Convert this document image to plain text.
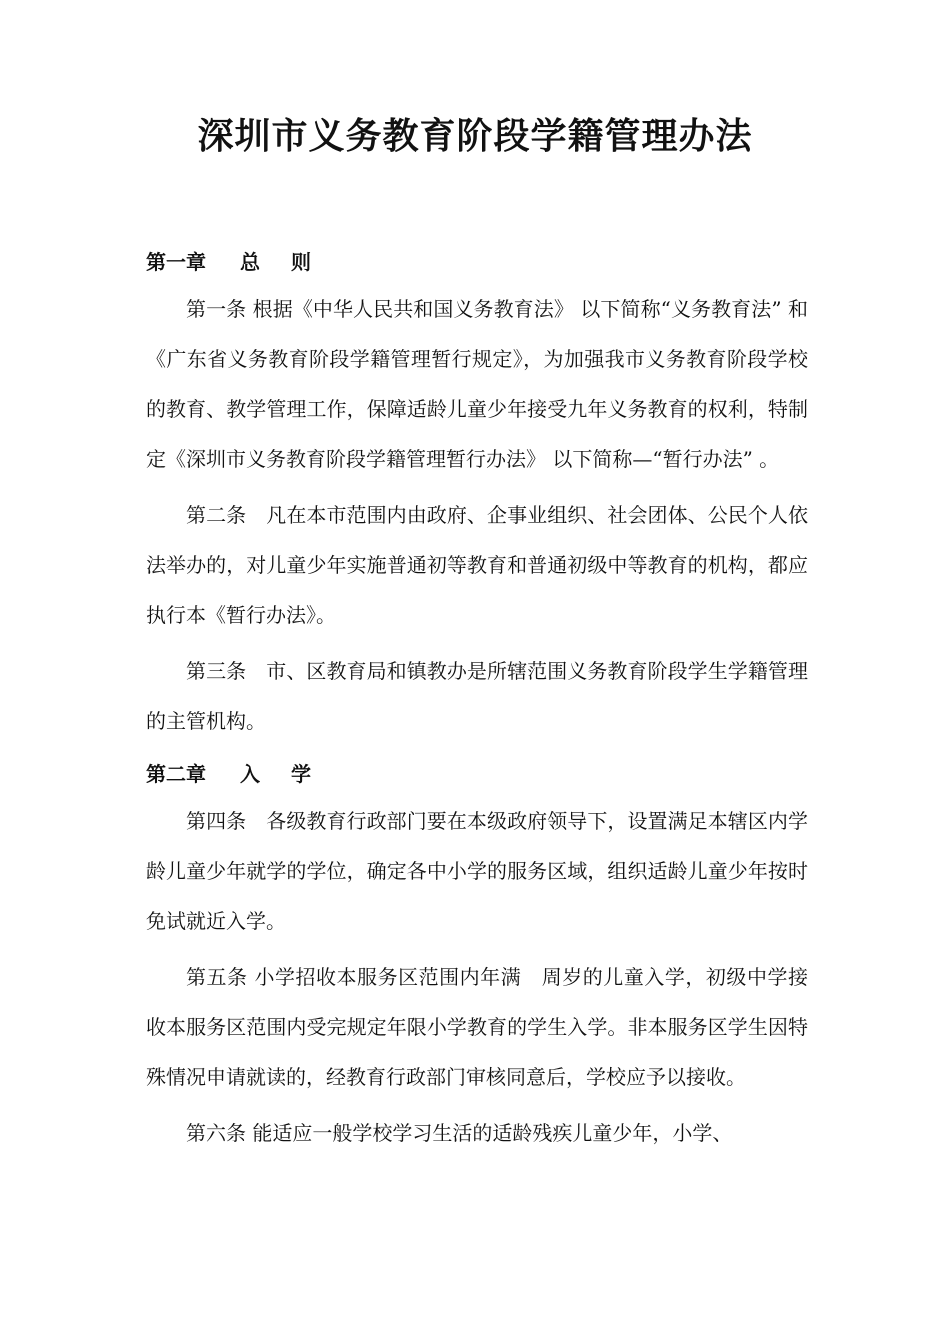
深圳市义务教育阶段学籍管理办法
第一章 总 则

第一条 根据《中华人民共和国义务教育法》 以下简称“义务教育法” 和《广东省义务教育阶段学籍管理暂行规定》，为加强我市义务教育阶段学校的教育、教学管理工作，保障适龄儿童少年接受九年义务教育的权利，特制定《深圳市义务教育阶段学籍管理暂行办法》 以下简称—“暂行办法” 。

第二条　凡在本市范围内由政府、企事业组织、社会团体、公民个人依法举办的，对儿童少年实施普通初等教育和普通初级中等教育的机构，都应执行本《暂行办法》。

第三条　市、区教育局和镇教办是所辖范围义务教育阶段学生学籍管理的主管机构。

第二章 入 学

第四条　各级教育行政部门要在本级政府领导下，设置满足本辖区内学龄儿童少年就学的学位，确定各中小学的服务区域，组织适龄儿童少年按时免试就近入学。

第五条 小学招收本服务区范围内年满　周岁的儿童入学，初级中学接收本服务区范围内受完规定年限小学教育的学生入学。非本服务区学生因特殊情况申请就读的，经教育行政部门审核同意后，学校应予以接收。

第六条 能适应一般学校学习生活的适龄残疾儿童少年，小学、
